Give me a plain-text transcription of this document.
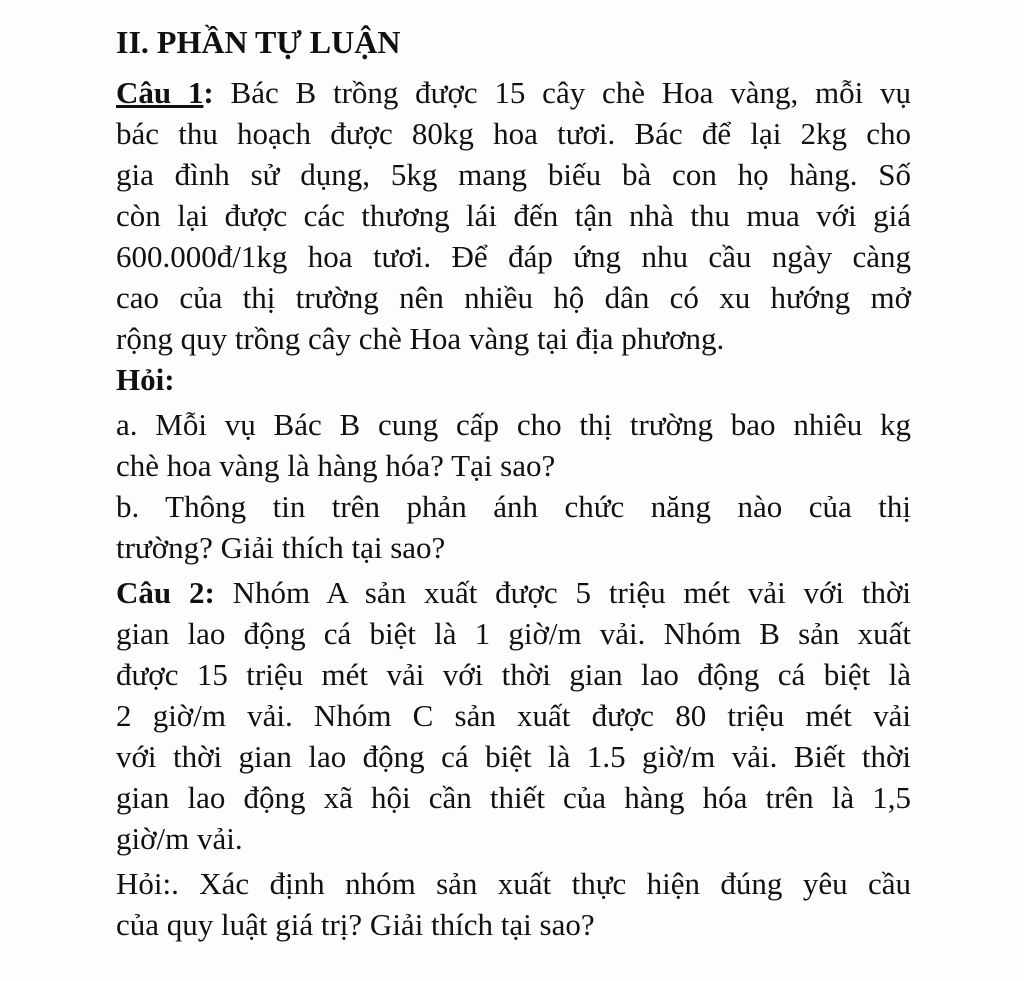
II. PHẦN TỰ LUẬN
Câu 1: Bác B trồng được 15 cây chè Hoa vàng, mỗi vụ
bác thu hoạch được 80kg hoa tươi. Bác để lại 2kg cho
gia đình sử dụng, 5kg mang biếu bà con họ hàng. Số
còn lại được các thương lái đến tận nhà thu mua với giá
600.000đ/1kg hoa tươi. Để đáp ứng nhu cầu ngày càng
cao của thị trường nên nhiều hộ dân có xu hướng mở
rộng quy trồng cây chè Hoa vàng tại địa phương.
Hỏi:
a. Mỗi vụ Bác B cung cấp cho thị trường bao nhiêu kg
chè hoa vàng là hàng hóa? Tại sao?
b. Thông tin trên phản ánh chức năng nào của thị
trường? Giải thích tại sao?
Câu 2: Nhóm A sản xuất được 5 triệu mét vải với thời
gian lao động cá biệt là 1 giờ/m vải. Nhóm B sản xuất
được 15 triệu mét vải với thời gian lao động cá biệt là
2 giờ/m vải. Nhóm C sản xuất được 80 triệu mét vải
với thời gian lao động cá biệt là 1.5 giờ/m vải. Biết thời
gian lao động xã hội cần thiết của hàng hóa trên là 1,5
giờ/m vải.
Hỏi:. Xác định nhóm sản xuất thực hiện đúng yêu cầu
của quy luật giá trị? Giải thích tại sao?
